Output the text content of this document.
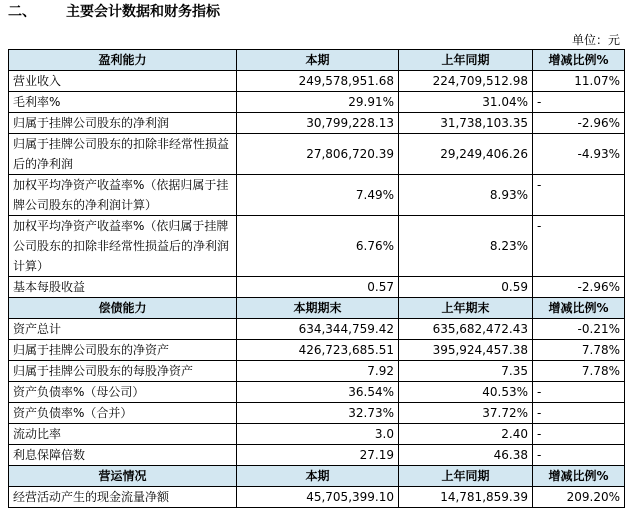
二、 主要会计数据和财务指标
单位：元
盈利能力	本期	上年同期	增减比例%
营业收入	249,578,951.68	224,709,512.98	11.07%
毛利率%	29.91%	31.04%	-
归属于挂牌公司股东的净利润	30,799,228.13	31,738,103.35	-2.96%
归属于挂牌公司股东的扣除非经常性损益后的净利润	27,806,720.39	29,249,406.26	-4.93%
加权平均净资产收益率%（依据归属于挂牌公司股东的净利润计算）	7.49%	8.93%	-
加权平均净资产收益率%（依归属于挂牌公司股东的扣除非经常性损益后的净利润计算）	6.76%	8.23%	-
基本每股收益	0.57	0.59	-2.96%
偿债能力	本期期末	上年期末	增减比例%
资产总计	634,344,759.42	635,682,472.43	-0.21%
归属于挂牌公司股东的净资产	426,723,685.51	395,924,457.38	7.78%
归属于挂牌公司股东的每股净资产	7.92	7.35	7.78%
资产负债率%（母公司）	36.54%	40.53%	-
资产负债率%（合并）	32.73%	37.72%	-
流动比率	3.0	2.40	-
利息保障倍数	27.19	46.38	-
营运情况	本期	上年同期	增减比例%
经营活动产生的现金流量净额	45,705,399.10	14,781,859.39	209.20%
